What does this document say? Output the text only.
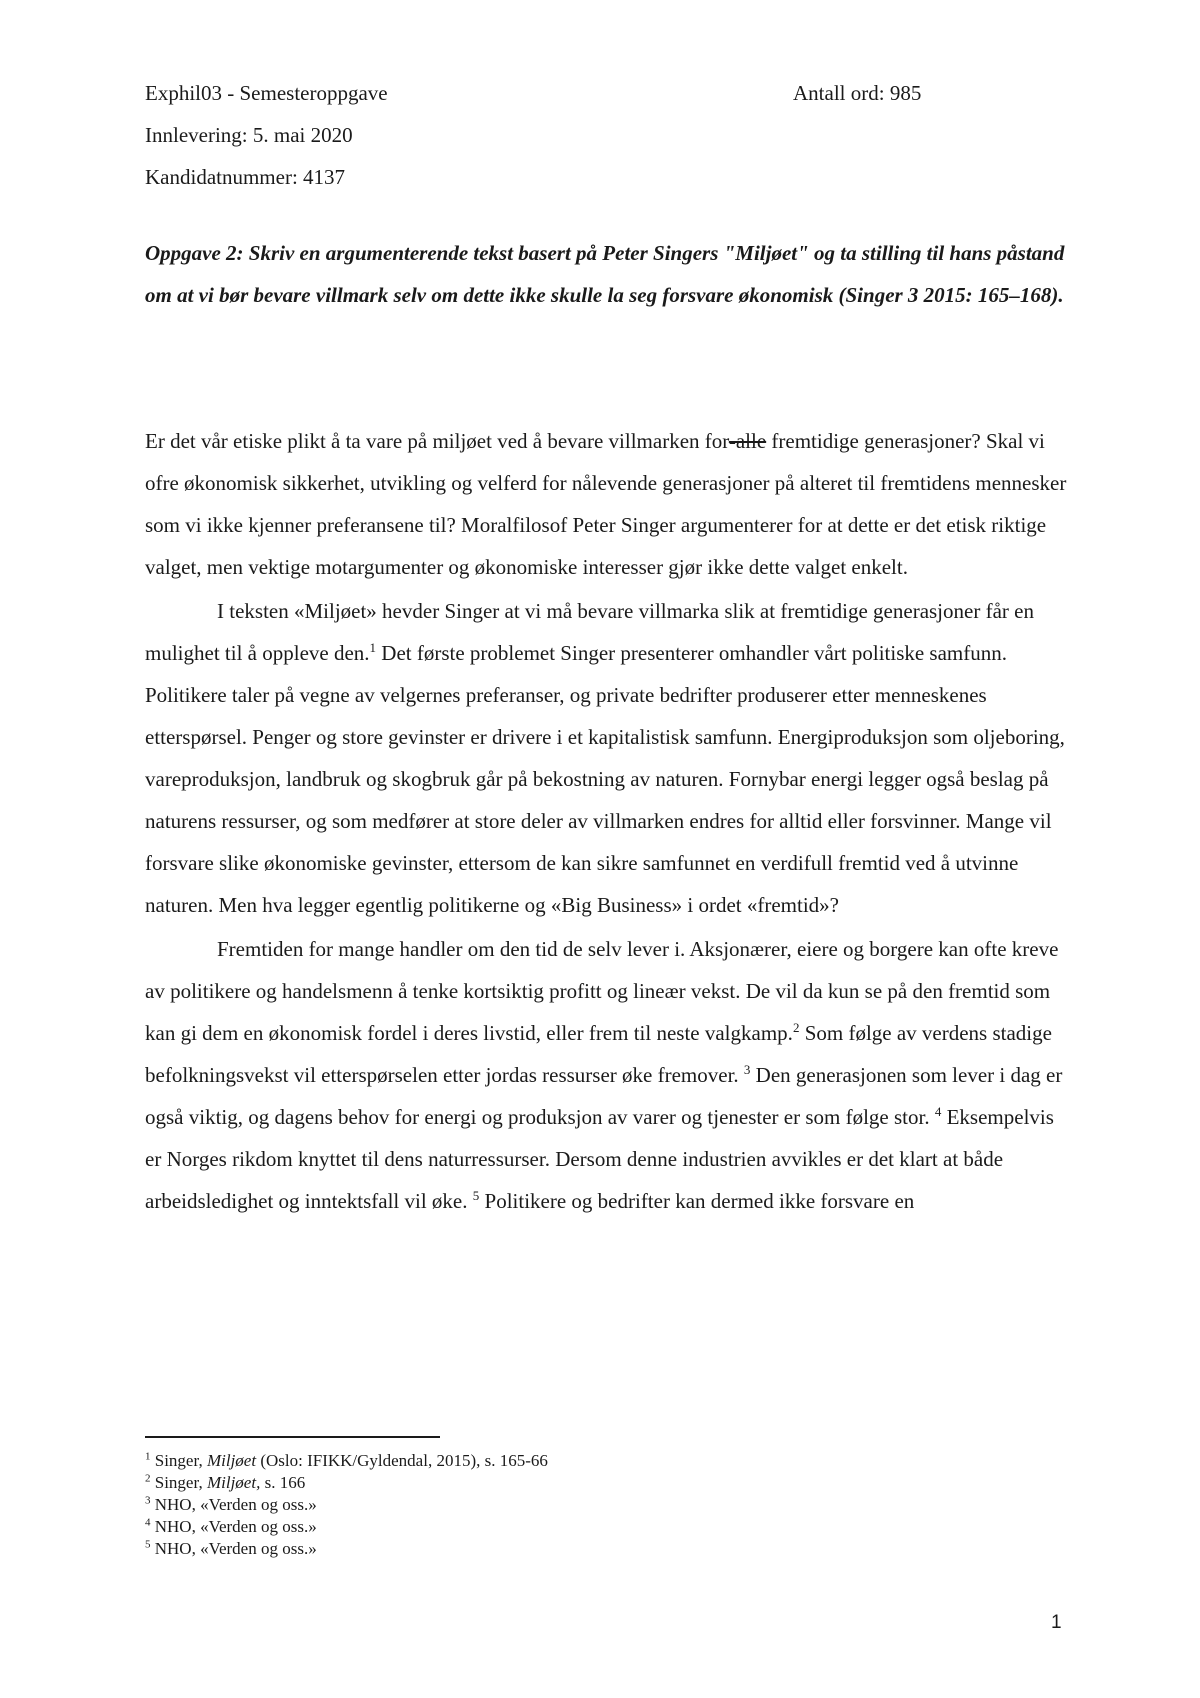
Exphil03 - Semesteroppgave	Antall ord: 985
Innlevering: 5. mai 2020
Kandidatnummer: 4137

Oppgave 2: Skriv en argumenterende tekst basert på Peter Singers "Miljøet" og ta stilling til hans påstand om at vi bør bevare villmark selv om dette ikke skulle la seg forsvare økonomisk (Singer 3 2015: 165–168).

Er det vår etiske plikt å ta vare på miljøet ved å bevare villmarken for-alle fremtidige generasjoner? Skal vi ofre økonomisk sikkerhet, utvikling og velferd for nålevende generasjoner på alteret til fremtidens mennesker som vi ikke kjenner preferansene til? Moralfilosof Peter Singer argumenterer for at dette er det etisk riktige valget, men vektige motargumenter og økonomiske interesser gjør ikke dette valget enkelt.

I teksten «Miljøet» hevder Singer at vi må bevare villmarka slik at fremtidige generasjoner får en mulighet til å oppleve den.$^1$ Det første problemet Singer presenterer omhandler vårt politiske samfunn. Politikere taler på vegne av velgernes preferanser, og private bedrifter produserer etter menneskenes etterspørsel. Penger og store gevinster er drivere i et kapitalistisk samfunn. Energiproduksjon som oljeboring, vareproduksjon, landbruk og skogbruk går på bekostning av naturen. Fornybar energi legger også beslag på naturens ressurser, og som medfører at store deler av villmarken endres for alltid eller forsvinner. Mange vil forsvare slike økonomiske gevinster, ettersom de kan sikre samfunnet en verdifull fremtid ved å utvinne naturen. Men hva legger egentlig politikerne og «Big Business» i ordet «fremtid»?

Fremtiden for mange handler om den tid de selv lever i. Aksjonærer, eiere og borgere kan ofte kreve av politikere og handelsmenn å tenke kortsiktig profitt og lineær vekst. De vil da kun se på den fremtid som kan gi dem en økonomisk fordel i deres livstid, eller frem til neste valgkamp.$^2$ Som følge av verdens stadige befolkningsvekst vil etterspørselen etter jordas ressurser øke fremover. $^3$ Den generasjonen som lever i dag er også viktig, og dagens behov for energi og produksjon av varer og tjenester er som følge stor. $^4$ Eksempelvis er Norges rikdom knyttet til dens naturressurser. Dersom denne industrien avvikles er det klart at både arbeidsledighet og inntektsfall vil øke. $^5$ Politikere og bedrifter kan dermed ikke forsvare en

$^1$ Singer, Miljøet (Oslo: IFIKK/Gyldendal, 2015), s. 165-66

$^2$ Singer, Miljøet, s. 166

$^3$ NHO, «Verden og oss.»

$^4$ NHO, «Verden og oss.»

$^5$ NHO, «Verden og oss.»

1
